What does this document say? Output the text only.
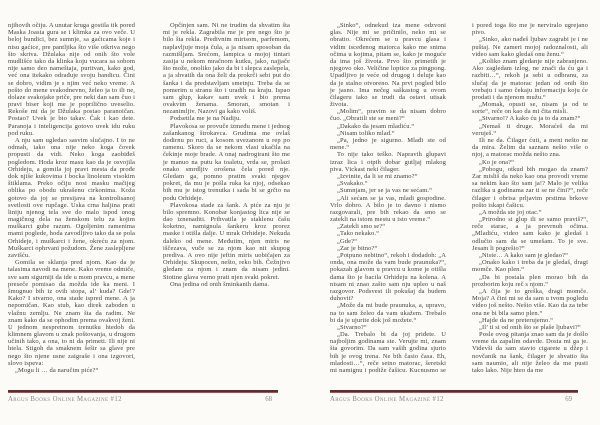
njihovih očiju. A unutar kruga gostila tik pored Maska Joasta gura se i klimka za ovo veče. U beloj bundici, bez sumnje, sa gaćicama koje i nisu gaćice, pre pantljika što više otkriva nego što skriva. Džulaka nije od onih što vole mudlišće tako da klinka koju vucara sa sobom nije samo deo nameštaja, puritvan, kako god, već ona itekako odrađuje svoju bandicu. Čini se dobro, vidim je s njim već neko vreme. A pošto do mene svakodnevno, želeo ja to ili ne, dolaze svakojake priče, pre neki dan sam čuo i pravi biser koji me je poprilično uveselio. Rekoše mi da je Džulaka postao paranoičan. Postao? Uvek je bio takav. Čak i kao dete. Paranoja i inteligencija gotovo uvek idu ruku pod ruku.

A nju sam ugledao sasvim slučajno. I to ne odmah, iako ona nije neko koga čovek propusti da vidi. Neko koga zaobiđeš pogledom. Hoda kroz masu kao da je osvojila Orhideju, a gomila joj pravi mesta da prođe dok njiše kukovima i bocka linoleum visokim štiklama. Preko očiju nosi masku mačijeg oblika po obodu ukrašenu cirkonima. Koža gotovo da joj se presijava na kontrolisanoj svetlosti ove rupčage. Uska crna haljina prati liniju njenog tela sve do malo ispod onog magičnog dela na ženskom telu za kojim muškarci gube razum. Ogoljenim ramenima mami poglede, hoda zavodljivo tako da se pola Orhideje, i muškarci i žene, okreću za njom. Muškarci ophrvani požudom. Žene zaslepljene zavišću.

Gomila se sklanja pred njom. Kao da je talasima navodi na mene. Kako vreme odmiče, sve sam sigurniji da ide u mom pravcu, a mene preseče pomisao da možda ide ka meni. I šmugnuo bih iz ovih stopa, al’ kuda? Gde!? Kako? I stvarno, ona stade ispred mene. A ja nepomičan. Kao stub, kao direk zaboden u vlažnu zemlju. Ne znam šta da radim. Ne znam kako da se ophodim prema ovakvoj ženi. U jednom nespretnom trenutku htedoh da klimnem glavom u znak poštovanja, u drugom učinih tako, a ona, to ni da primeti. Ili nije ni htela. Stigoh da smaknem šešir sa glave pre nego što njene usne zaigraše i ona izgovori, slovo ispeva:

„Mogu li … da naručim piće?“

Opčinjen sam. Ni ne trudim da shvatim šta mi je rekla. Zagrabila me je pre nego što je bilo šta rekla. Predivnim mirisom, parfemom, naplavljuje moja čula, a ja nisam sposoban da razmišljam. Srećom, lampica u mojoj tintari zasija u nekom mračnom kutku, jako, najjače što može, onoliko jako da bi i slepca zaslepela, a ja shvatih da ona želi da prokrči sebi put do šanka i da predstavljam smetnju. Treba da se pomerim u stranu što i uradih na kraju. Ispao sam glup, kakav sam uvek i bio prema ovakvim ženama. Smoran, smotan i nezanimljiv. Nazovi ga kako voliš.

Podsetila me je na Nadiju.

Plavokosa se provuče između mene i jednog zašankanog štrokavca. Grudima me ovlaš dodirnu po ruci, a kosom uvezanom u rep po ramenu. Skoro da se nekom vlasi ukačila na čekinje moje brade. A onaj nadrogirani što me je manuo na putu ka toaletu, vrda se, prolazi onako smrdljiv orošena čela pored nje. Gledam ga, pomno pratim svaki njegov pokret, da mu je pošla ruka ka njoj, odsekao bih mu je istog trenutka i sada bi se grčio na podu Orhideje.

Plavokosa stade za šank. A piće za nju je bilo spremno. Konobar konjastog lica nije se dao iznenaditi. Prihvatila je staklenu čašu koketno, namignula šankeru kroz prorez maske i otišla dalje. U mrak Orhideje. Nekuda daleko od mene. Međutim, njen miris ne iščezava, vuče se za njom kao nit skupog prediva. A ovo nije jeftin miris uobičajen za Orhideju. Skupocen, nešto, reko bih. Čežnjivo gledam za njom i znam da nisam jedini. Stotine glava verno prati njen svaki pokret.

Ona jedina od onih šminkanih dama.

Argus Books Online Magazine #12	68

„Sinko“, odnekud iza mene odzvoni glas. Nije mi se pričinilo, neko mi se obratio. Okrećem se u pravcu glasa i vidim isceđenog matorca kako me snima očima u kojima, pitam se, kako je moguće da ima još života. Prvo što primetih je njegovo oko. Veličine loptice za pingpong. Upadljivo je veće od drugog i deluje kao da je stalno otvoreno. Na prvi pogled bilo je jasno. Ima nečeg saškastog u ovom čilageru iako se trudi da ostavi utisak života.

„Molim“, pravim se da nisam dobro čuo. „Obratili ste se meni?“

„Dakako da jesam mladiću.“

„Nisam toliko mlad.“

„Pa, jedno je sigurno. Mlađi ste od mene.“

To nije tako teško. Napravih glupavi izraz lica i otpih dobar gutljaj mlakog piva. Vickast neki čilager.

„Izvinite, da li se mi znamo?“

„Svakako.“

„Sumnjam, jer se ja vas ne sećam.“

„Ali sećam se ja vas, mladi gospodine. Vrlo dobro. A bilo je to davno i nismo razgovarali, pre bih rekao da smo se zatekli na istom mestu u isto vreme.“

„Zatekli smo se?“

„Tako nekako.“

„Gde?“

„Zar je bitno?“

„Potpuno nebitno“, rekoh i dodadoh: „A onda, ona može da vam bude praunuka?“, pokazah glavom u pravcu u kome je otišla dama što je bacila Orhideju na kolena. A nisam ni znao zašto sam nju upleo u naš razgovor. Podsvest ili pokušaj da budem duhovit?

„Može da mi bude praunuka, a, upravo, na to sam želeo da vam ukažem. Trebalo bi da je ujurite dok još možete.“

„Stvarno?“

„Da. Trebalo bi da joj priđete. U najboljim godinama ste. Verujte mi, znam šta govorim. Da sam vaših godina sjurio bih je ovog trena. Ne bih časio časa. Eh, mladosti…“, reče setno matorac, šeretski mi namignu i podiže čašicu. Kucnusmo se i pored toga što me je nerviralo ugrejano pivo.

„Sinko, ako nađeš ljubav zagrabi je i ne puštaj. Ne zameri mojoj radoznalosti, ali video sam kako gledaš onu ženu.“

„Koliko znam gledanje nije zabranjeno. Ako zagledam izlog, ne znači da ću ga i razbiti…“, rekoh ja sebi u odbranu, za slučaj da je matorac jedan od onih što vrebaju i samo čekaju informaciju koju će prodati i da njenom mužu.“

„Momak, opusti se, nisam ja od te sorte“, reče on kao da mi čita misli.

„Stvarno!? A kako ću ja to da znam?“

„Nemaš ti druge. Moraćeš da mi veruješ.“

Ili ne da. Čilager ćuti, a meni nešto ne da mira. Želim da saznam nešto više o njoj, a matorac možda nešto zna.

„Ko je ona?“

„Pobogu, otkud bih mogao da znam? Zar misliš da neko kao ona provodi vreme sa nekim kao što sam ja!? Malo je velika razlika u godinama zar ti se ne čini?“, reče čilager i obrisa prljavim prstima brkove pošto iskapi čašicu.

„A možda ste joj otac.“

„Prirodno si glup ili se samo praviš?“, reče starac, a ja prevrnuh očima. „Mladiću, video sam kako je gledaš i odlučio sam da se umešam. To je sve. Jesam li pogrešio?“

„Niste… A kako sam je gledao?“

„Onako kako i treba da je gledaš, dragi momče. Kao plen.“

„Da bi postala plen morao bih da prozborim koju reč s njom.“

„A čija je to greška, dragi momče. Moja? A čini mi se da sam u tvom pogledu video još nešto. Nešto više. Kao da za tebe ona ne bi bila samo plen.“

„Hajde da ne preterujemo.“

„Il’ ti si od onih što se plaše ljubavi?“

Posle ovog pitanja znao sam da je došlo vreme da zapalim odavde. Dosta mi ga je. Videvši da sam stavio cigarete u džep i novčanik na šank, čilager je shvatio šta sam naumio, ali nije želeo da me pusti tako lako. Nije hteo da me

Argus Books Online Magazine #12	69
